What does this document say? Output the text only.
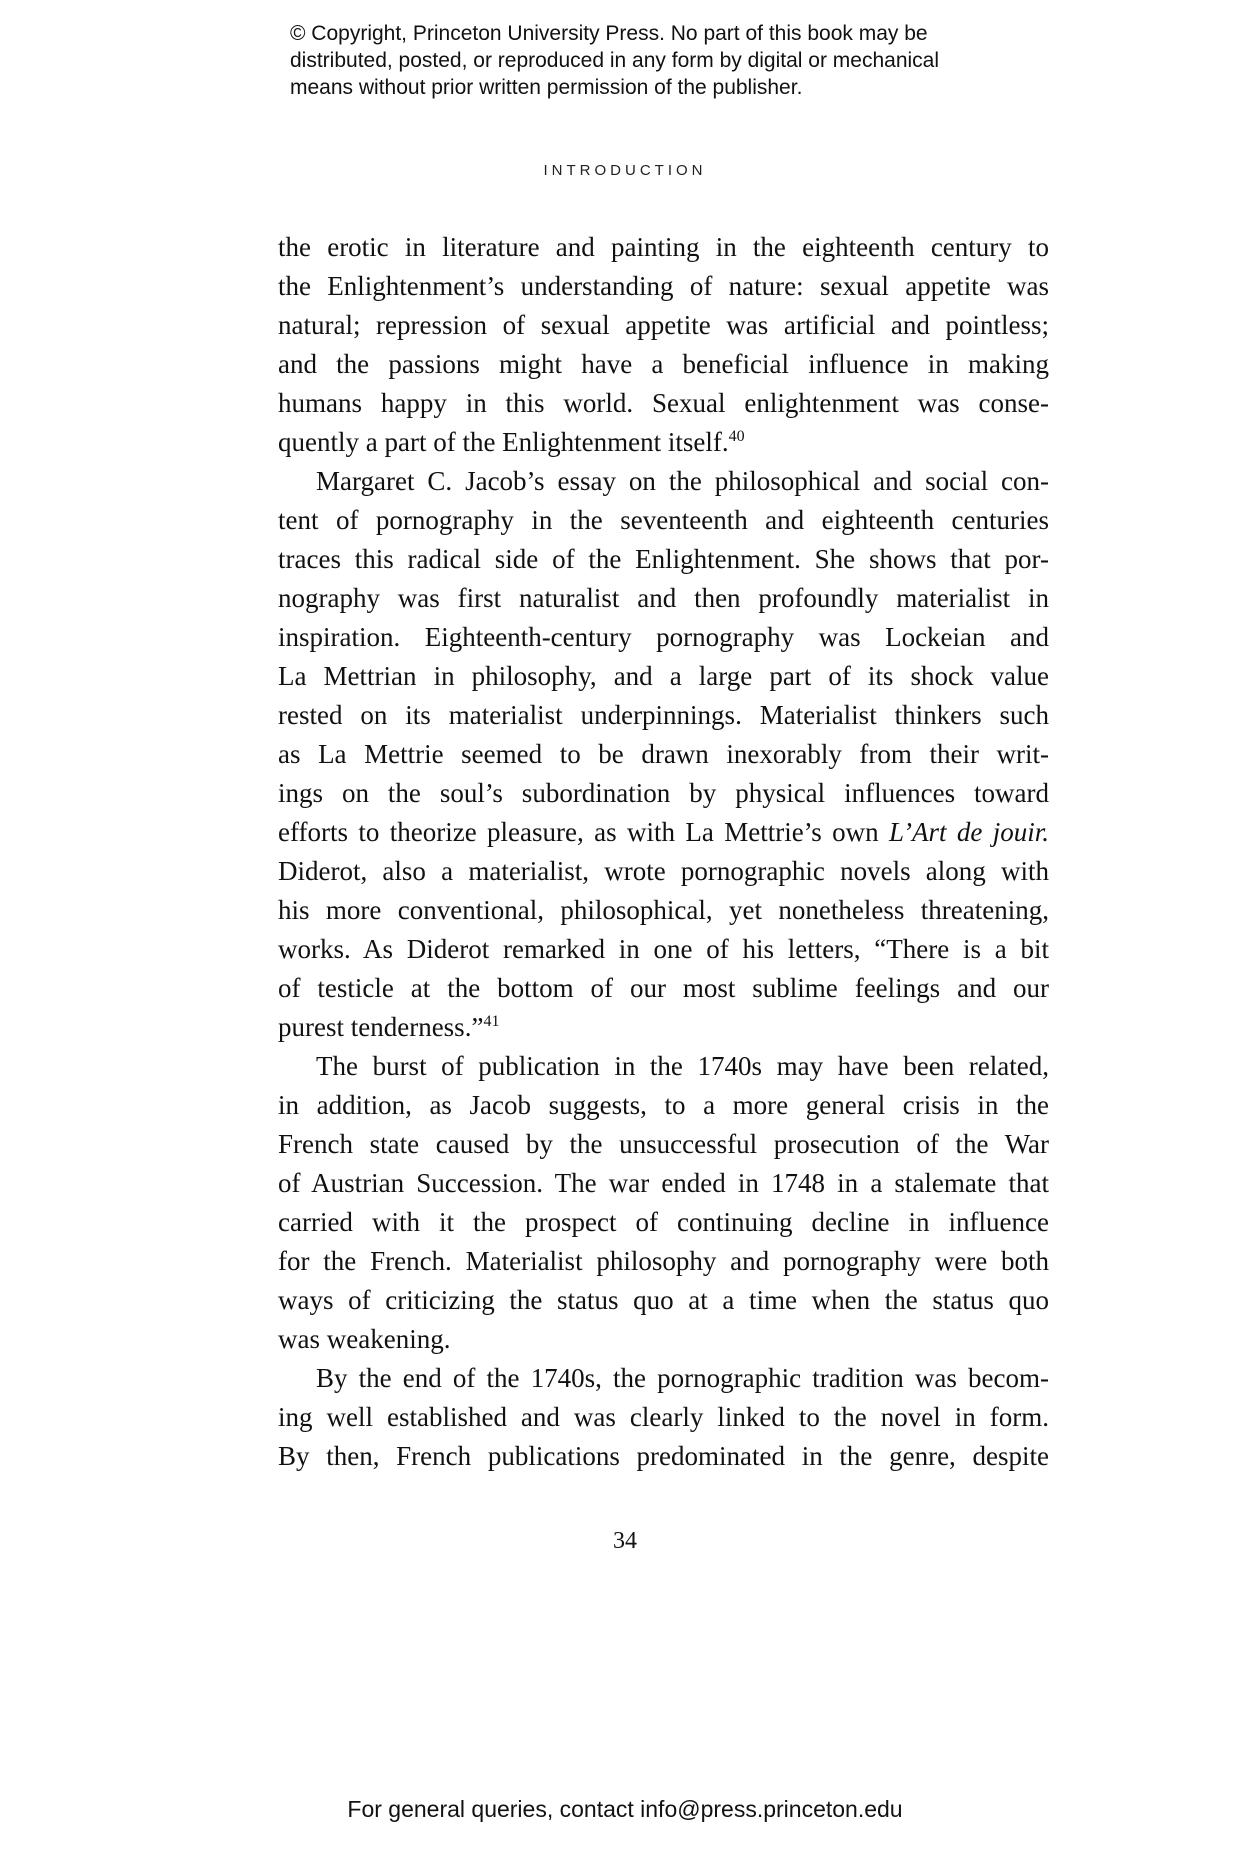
© Copyright, Princeton University Press. No part of this book may be
distributed, posted, or reproduced in any form by digital or mechanical
means without prior written permission of the publisher.
INTRODUCTION

the erotic in literature and painting in the eighteenth century to
the Enlightenment’s understanding of nature: sexual appetite was
natural; repression of sexual appetite was artificial and pointless;
and the passions might have a beneficial influence in making
humans happy in this world. Sexual enlightenment was conse-
quently a part of the Enlightenment itself.$^{40}$

Margaret C. Jacob’s essay on the philosophical and social con-
tent of pornography in the seventeenth and eighteenth centuries
traces this radical side of the Enlightenment. She shows that por-
nography was first naturalist and then profoundly materialist in
inspiration. Eighteenth-century pornography was Lockeian and
La Mettrian in philosophy, and a large part of its shock value
rested on its materialist underpinnings. Materialist thinkers such
as La Mettrie seemed to be drawn inexorably from their writ-
ings on the soul’s subordination by physical influences toward
efforts to theorize pleasure, as with La Mettrie’s own L’Art de jouir.
Diderot, also a materialist, wrote pornographic novels along with
his more conventional, philosophical, yet nonetheless threatening,
works. As Diderot remarked in one of his letters, “There is a bit
of testicle at the bottom of our most sublime feelings and our
purest tenderness.”$^{41}$

The burst of publication in the 1740s may have been related,
in addition, as Jacob suggests, to a more general crisis in the
French state caused by the unsuccessful prosecution of the War
of Austrian Succession. The war ended in 1748 in a stalemate that
carried with it the prospect of continuing decline in influence
for the French. Materialist philosophy and pornography were both
ways of criticizing the status quo at a time when the status quo
was weakening.

By the end of the 1740s, the pornographic tradition was becom-
ing well established and was clearly linked to the novel in form.
By then, French publications predominated in the genre, despite

34
For general queries, contact info@press.princeton.edu
